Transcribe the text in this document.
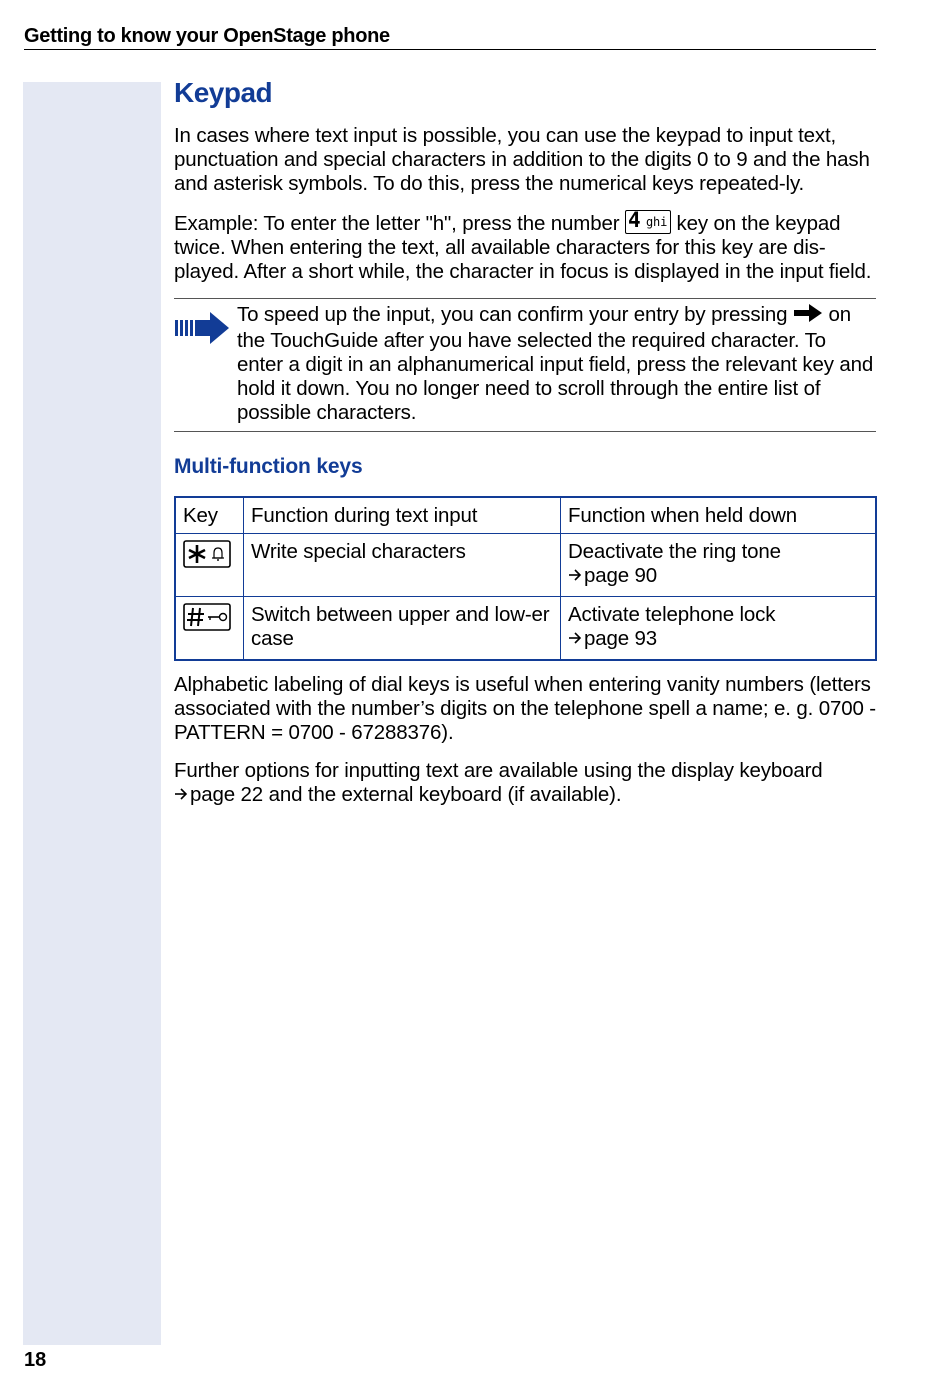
Getting to know your OpenStage phone
Keypad

In cases where text input is possible, you can use the keypad to input text, punctuation and special characters in addition to the digits 0 to 9 and the hash and asterisk symbols. To do this, press the numerical keys repeated-ly.

Example: To enter the letter "h", press the number 4 ghi key on the keypad twice. When entering the text, all available characters for this key are dis-played. After a short while, the character in focus is displayed in the input field.

To speed up the input, you can confirm your entry by pressing  on the TouchGuide after you have selected the required character. To enter a digit in an alphanumerical input field, press the relevant key and hold it down. You no longer need to scroll through the entire list of possible characters.
Multi-function keys
Key	Function during text input	Function when held down
	Write special characters	Deactivate the ring tone
page 90

	Switch between upper and low-er case	Activate telephone lock
page 93

Alphabetic labeling of dial keys is useful when entering vanity numbers (letters associated with the number’s digits on the telephone spell a name; e. g. 0700 - PATTERN = 0700 - 67288376).

Further options for inputting text are available using the display keyboard
page 22 and the external keyboard (if available).

18
